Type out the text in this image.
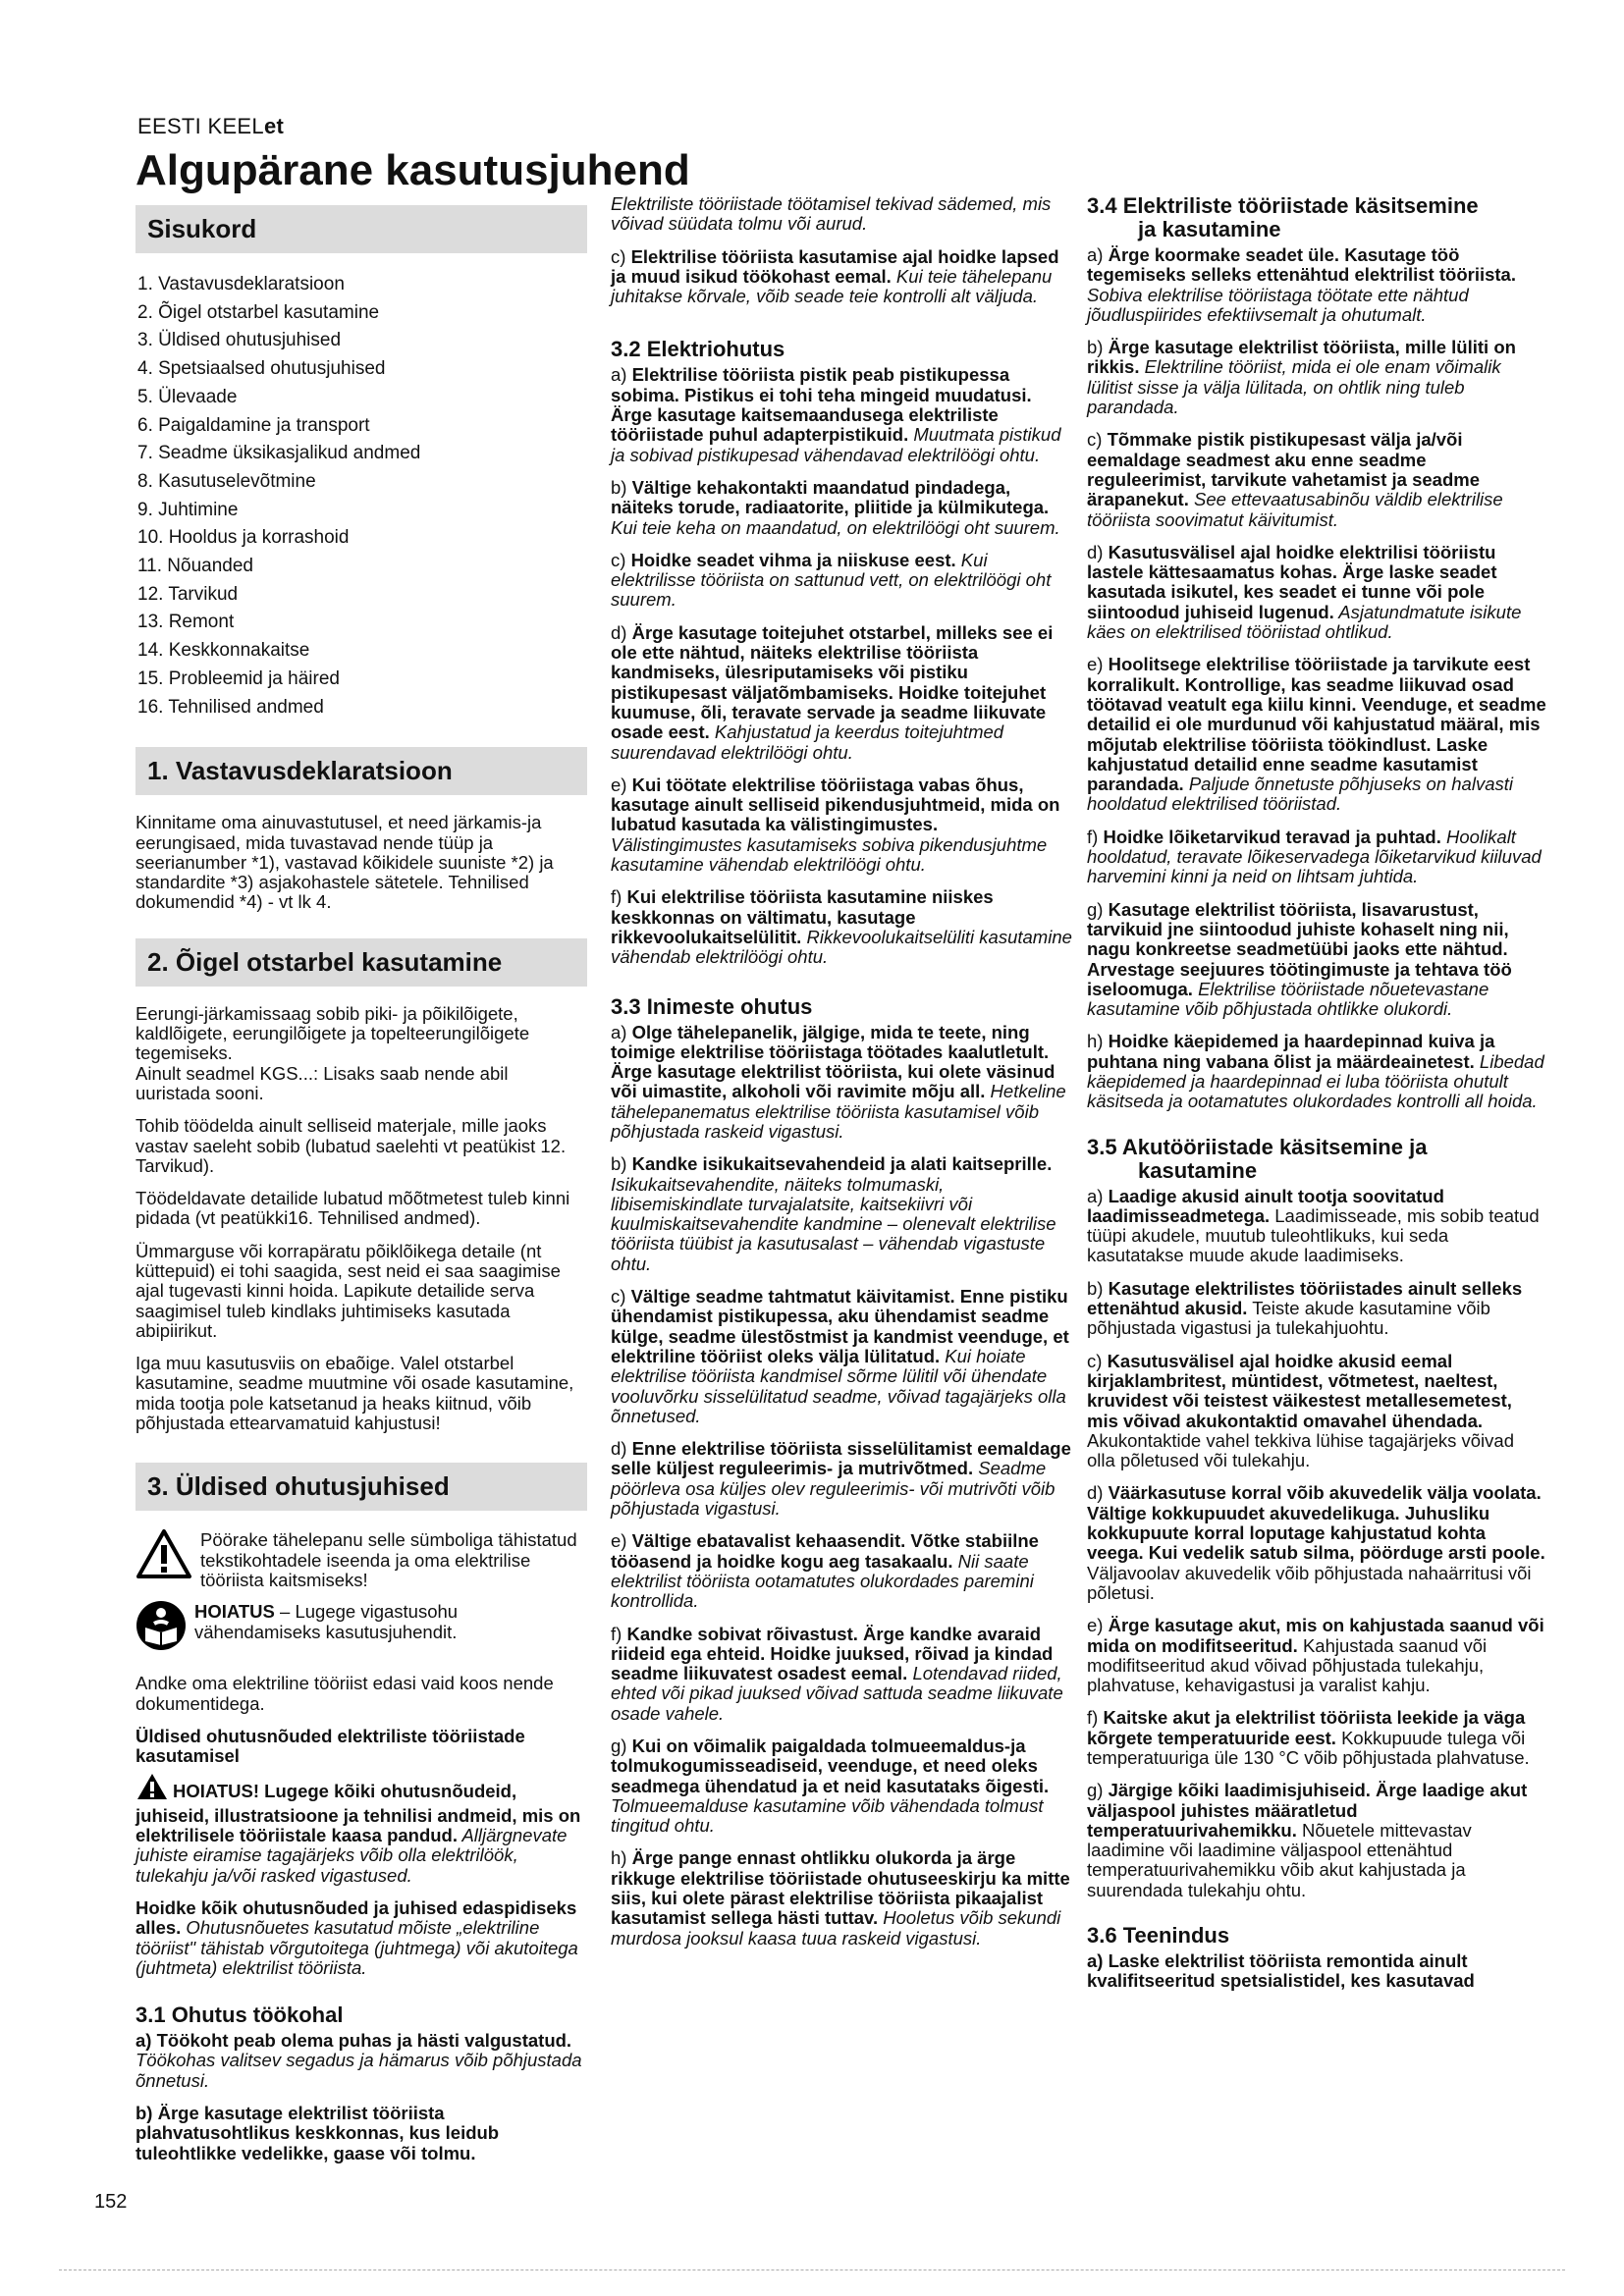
EESTI KEELet
Algupärane kasutusjuhend
Sisukord
1. Vastavusdeklaratsioon
2. Õigel otstarbel kasutamine
3. Üldised ohutusjuhised
4. Spetsiaalsed ohutusjuhised
5. Ülevaade
6. Paigaldamine ja transport
7. Seadme üksikasjalikud andmed
8. Kasutuselevõtmine
9. Juhtimine
10. Hooldus ja korrashoid
11. Nõuanded
12. Tarvikud
13. Remont
14. Keskkonnakaitse
15. Probleemid ja häired
16. Tehnilised andmed
1. Vastavusdeklaratsioon

Kinnitame oma ainuvastutusel, et need järkamis-ja eerungisaed, mida tuvastavad nende tüüp ja seerianumber *1), vastavad kõikidele suuniste *2) ja standardite *3) asjakohastele sätetele. Tehnilised dokumendid *4) - vt lk 4.

2. Õigel otstarbel kasutamine

Eerungi-järkamissaag sobib piki- ja põikilõigete, kaldlõigete, eerungilõigete ja topelteerungilõigete tegemiseks.

Ainult seadmel KGS...: Lisaks saab nende abil uuristada sooni.

Tohib töödelda ainult selliseid materjale, mille jaoks vastav saeleht sobib (lubatud saelehti vt peatükist 12. Tarvikud).

Töödeldavate detailide lubatud mõõtmetest tuleb kinni pidada (vt peatükki16. Tehnilised andmed).

Ümmarguse või korrapäratu põiklõikega detaile (nt küttepuid) ei tohi saagida, sest neid ei saa saagimise ajal tugevasti kinni hoida. Lapikute detailide serva saagimisel tuleb kindlaks juhtimiseks kasutada abipiirikut.

Iga muu kasutusviis on ebaõige. Valel otstarbel kasutamine, seadme muutmine või osade kasutamine, mida tootja pole katsetanud ja heaks kiitnud, võib põhjustada ettearvamatuid kahjustusi!

3. Üldised ohutusjuhised

Pöörake tähelepanu selle sümboliga tähistatud tekstikohtadele iseenda ja oma elektrilise tööriista kaitsmiseks!

HOIATUS – Lugege vigastusohu vähendamiseks kasutusjuhendit.

Andke oma elektriline tööriist edasi vaid koos nende dokumentidega.

Üldised ohutusnõuded elektriliste tööriistade kasutamisel

HOIATUS! Lugege kõiki ohutusnõudeid, juhiseid, illustratsioone ja tehnilisi andmeid, mis on elektrilisele tööriistale kaasa pandud. Alljärgnevate juhiste eiramise tagajärjeks võib olla elektrilöök, tulekahju ja/või rasked vigastused.

Hoidke kõik ohutusnõuded ja juhised edaspidiseks alles. Ohutusnõuetes kasutatud mõiste „elektriline tööriist" tähistab võrgutoitega (juhtmega) või akutoitega (juhtmeta) elektrilist tööriista.

3.1 Ohutus töökohal

a) Töökoht peab olema puhas ja hästi valgustatud. Töökohas valitsev segadus ja hämarus võib põhjustada õnnetusi.

b) Ärge kasutage elektrilist tööriista plahvatusohtlikus keskkonnas, kus leidub tuleohtlikke vedelikke, gaase või tolmu.

Elektriliste tööriistade töötamisel tekivad sädemed, mis võivad süüdata tolmu või aurud.

c) Elektrilise tööriista kasutamise ajal hoidke lapsed ja muud isikud töökohast eemal. Kui teie tähelepanu juhitakse kõrvale, võib seade teie kontrolli alt väljuda.

3.2 Elektriohutus

a) Elektrilise tööriista pistik peab pistikupessa sobima. Pistikus ei tohi teha mingeid muudatusi. Ärge kasutage kaitsemaandusega elektriliste tööriistade puhul adapterpistikuid. Muutmata pistikud ja sobivad pistikupesad vähendavad elektrilöögi ohtu.

b) Vältige kehakontakti maandatud pindadega, näiteks torude, radiaatorite, pliitide ja külmikutega. Kui teie keha on maandatud, on elektrilöögi oht suurem.

c) Hoidke seadet vihma ja niiskuse eest. Kui elektrilisse tööriista on sattunud vett, on elektrilöögi oht suurem.

d) Ärge kasutage toitejuhet otstarbel, milleks see ei ole ette nähtud, näiteks elektrilise tööriista kandmiseks, ülesriputamiseks või pistiku pistikupesast väljatõmbamiseks. Hoidke toitejuhet kuumuse, õli, teravate servade ja seadme liikuvate osade eest. Kahjustatud ja keerdus toitejuhtmed suurendavad elektrilöögi ohtu.

e) Kui töötate elektrilise tööriistaga vabas õhus, kasutage ainult selliseid pikendusjuhtmeid, mida on lubatud kasutada ka välistingimustes. Välistingimustes kasutamiseks sobiva pikendusjuhtme kasutamine vähendab elektrilöögi ohtu.

f) Kui elektrilise tööriista kasutamine niiskes keskkonnas on vältimatu, kasutage rikkevoolukaitselülitit. Rikkevoolukaitselüliti kasutamine vähendab elektrilöögi ohtu.

3.3 Inimeste ohutus

a) Olge tähelepanelik, jälgige, mida te teete, ning toimige elektrilise tööriistaga töötades kaalutletult. Ärge kasutage elektrilist tööriista, kui olete väsinud või uimastite, alkoholi või ravimite mõju all. Hetkeline tähelepanematus elektrilise tööriista kasutamisel võib põhjustada raskeid vigastusi.

b) Kandke isikukaitsevahendeid ja alati kaitseprille. Isikukaitsevahendite, näiteks tolmumaski, libisemiskindlate turvajalatsite, kaitsekiivri või kuulmiskaitsevahendite kandmine – olenevalt elektrilise tööriista tüübist ja kasutusalast – vähendab vigastuste ohtu.

c) Vältige seadme tahtmatut käivitamist. Enne pistiku ühendamist pistikupessa, aku ühendamist seadme külge, seadme ülestõstmist ja kandmist veenduge, et elektriline tööriist oleks välja lülitatud. Kui hoiate elektrilise tööriista kandmisel sõrme lülitil või ühendate vooluvõrku sisselülitatud seadme, võivad tagajärjeks olla õnnetused.

d) Enne elektrilise tööriista sisselülitamist eemaldage selle küljest reguleerimis- ja mutrivõtmed. Seadme pöörleva osa küljes olev reguleerimis- või mutrivõti võib põhjustada vigastusi.

e) Vältige ebatavalist kehaasendit. Võtke stabiilne tööasend ja hoidke kogu aeg tasakaalu. Nii saate elektrilist tööriista ootamatutes olukordades paremini kontrollida.

f) Kandke sobivat rõivastust. Ärge kandke avaraid riideid ega ehteid. Hoidke juuksed, rõivad ja kindad seadme liikuvatest osadest eemal. Lotendavad riided, ehted või pikad juuksed võivad sattuda seadme liikuvate osade vahele.

g) Kui on võimalik paigaldada tolmueemaldus-ja tolmukogumisseadiseid, veenduge, et need oleks seadmega ühendatud ja et neid kasutataks õigesti. Tolmueemalduse kasutamine võib vähendada tolmust tingitud ohtu.

h) Ärge pange ennast ohtlikku olukorda ja ärge rikkuge elektrilise tööriistade ohutuseeskirju ka mitte siis, kui olete pärast elektrilise tööriista pikaajalist kasutamist sellega hästi tuttav. Hooletus võib sekundi murdosa jooksul kaasa tuua raskeid vigastusi.

3.4 Elektriliste tööriistade käsitsemine
ja kasutamine

a) Ärge koormake seadet üle. Kasutage töö tegemiseks selleks ettenähtud elektrilist tööriista. Sobiva elektrilise tööriistaga töötate ette nähtud jõudluspiirides efektiivsemalt ja ohutumalt.

b) Ärge kasutage elektrilist tööriista, mille lüliti on rikkis. Elektriline tööriist, mida ei ole enam võimalik lülitist sisse ja välja lülitada, on ohtlik ning tuleb parandada.

c) Tõmmake pistik pistikupesast välja ja/või eemaldage seadmest aku enne seadme reguleerimist, tarvikute vahetamist ja seadme ärapanekut. See ettevaatusabinõu väldib elektrilise tööriista soovimatut käivitumist.

d) Kasutusvälisel ajal hoidke elektrilisi tööriistu lastele kättesaamatus kohas. Ärge laske seadet kasutada isikutel, kes seadet ei tunne või pole siintoodud juhiseid lugenud. Asjatundmatute isikute käes on elektrilised tööriistad ohtlikud.

e) Hoolitsege elektrilise tööriistade ja tarvikute eest korralikult. Kontrollige, kas seadme liikuvad osad töötavad veatult ega kiilu kinni. Veenduge, et seadme detailid ei ole murdunud või kahjustatud määral, mis mõjutab elektrilise tööriista töökindlust. Laske kahjustatud detailid enne seadme kasutamist parandada. Paljude õnnetuste põhjuseks on halvasti hooldatud elektrilised tööriistad.

f) Hoidke lõiketarvikud teravad ja puhtad. Hoolikalt hooldatud, teravate lõikeservadega lõiketarvikud kiiluvad harvemini kinni ja neid on lihtsam juhtida.

g) Kasutage elektrilist tööriista, lisavarustust, tarvikuid jne siintoodud juhiste kohaselt ning nii, nagu konkreetse seadmetüübi jaoks ette nähtud. Arvestage seejuures töötingimuste ja tehtava töö iseloomuga. Elektrilise tööriistade nõuetevastane kasutamine võib põhjustada ohtlikke olukordi.

h) Hoidke käepidemed ja haardepinnad kuiva ja puhtana ning vabana õlist ja määrdeainetest. Libedad käepidemed ja haardepinnad ei luba tööriista ohutult käsitseda ja ootamatutes olukordades kontrolli all hoida.

3.5 Akutööriistade käsitsemine ja
kasutamine

a) Laadige akusid ainult tootja soovitatud laadimisseadmetega. Laadimisseade, mis sobib teatud tüüpi akudele, muutub tuleohtlikuks, kui seda kasutatakse muude akude laadimiseks.

b) Kasutage elektrilistes tööriistades ainult selleks ettenähtud akusid. Teiste akude kasutamine võib põhjustada vigastusi ja tulekahjuohtu.

c) Kasutusvälisel ajal hoidke akusid eemal kirjaklambritest, müntidest, võtmetest, naeltest, kruvidest või teistest väikestest metallesemetest, mis võivad akukontaktid omavahel ühendada. Akukontaktide vahel tekkiva lühise tagajärjeks võivad olla põletused või tulekahju.

d) Väärkasutuse korral võib akuvedelik välja voolata. Vältige kokkupuudet akuvedelikuga. Juhusliku kokkupuute korral loputage kahjustatud kohta veega. Kui vedelik satub silma, pöörduge arsti poole. Väljavoolav akuvedelik võib põhjustada nahaärritusi või põletusi.

e) Ärge kasutage akut, mis on kahjustada saanud või mida on modifitseeritud. Kahjustada saanud või modifitseeritud akud võivad põhjustada tulekahju, plahvatuse, kehavigastusi ja varalist kahju.

f) Kaitske akut ja elektrilist tööriista leekide ja väga kõrgete temperatuuride eest. Kokkupuude tulega või temperatuuriga üle 130 °C võib põhjustada plahvatuse.

g) Järgige kõiki laadimisjuhiseid. Ärge laadige akut väljaspool juhistes määratletud temperatuurivahemikku. Nõuetele mittevastav laadimine või laadimine väljaspool ettenähtud temperatuurivahemikku võib akut kahjustada ja suurendada tulekahju ohtu.

3.6 Teenindus

a) Laske elektrilist tööriista remontida ainult kvalifitseeritud spetsialistidel, kes kasutavad

152
